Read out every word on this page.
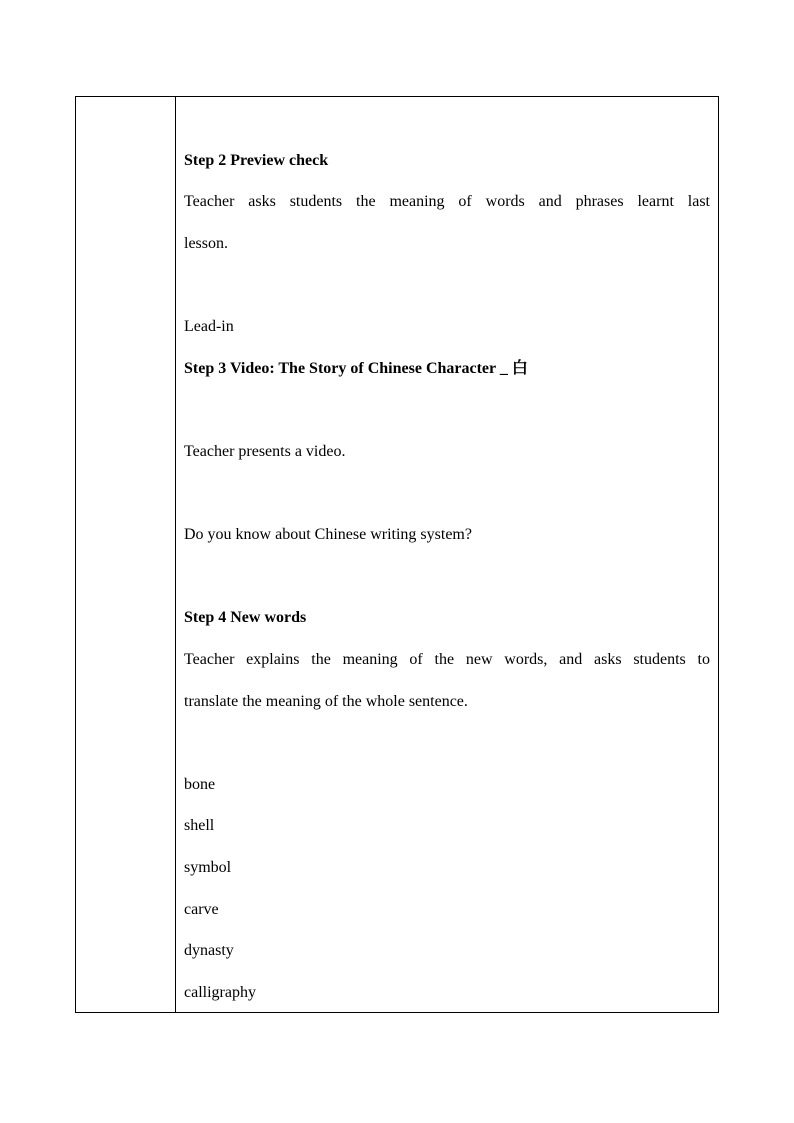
Step 2 Preview check
Teacher asks students the meaning of words and phrases learnt last
lesson.
Lead-in
Step 3 Video: The Story of Chinese Character _ 白
Teacher presents a video.
Do you know about Chinese writing system?
Step 4 New words
Teacher explains the meaning of the new words, and asks students to
translate the meaning of the whole sentence.
bone
shell
symbol
carve
dynasty
calligraphy
